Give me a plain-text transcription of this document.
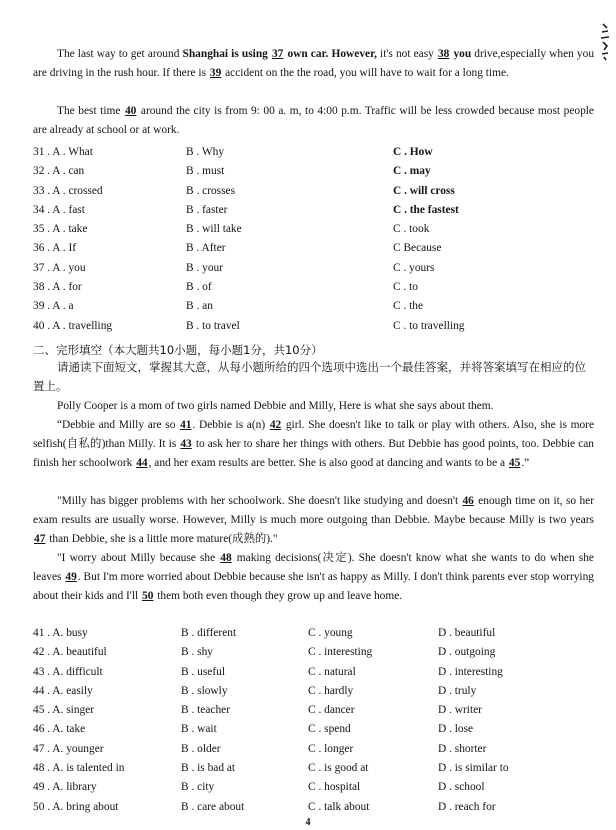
The last way to get around Shanghai is using 37 own car. However, it's not easy 38 you drive,especially when you are driving in the rush hour. If there is 39 accident on the the road, you will have to wait for a long time.

The best time 40 around the city is from 9: 00 a. m, to 4:00 p.m. Traffic will be less crowded because most people are already at school or at work.

31 . A . What	B . Why	C . How
32 . A . can	B . must	C . may
33 . A . crossed	B . crosses	C . will cross
34 . A . fast	B . faster	C . the fastest
35 . A . take	B . will take	C . took
36 . A . If	B . After	C Because
37 . A . you	B . your	C . yours
38 . A . for	B . of	C . to
39 . A . a	B . an	C . the
40 . A . travelling	B . to travel	C . to travelling

二、完形填空（本大题共10小题，每小题1分，共10分）

请通读下面短文，掌握其大意，从每小题所给的四个选项中选出一个最佳答案，并将答案填写在相应的位置上。

Polly Cooper is a mom of two girls named Debbie and Milly, Here is what she says about them.

“Debbie and Milly are so 41. Debbie is a(n) 42 girl. She doesn't like to talk or play with others. Also, she is more selfish(自私的)than Milly. It is 43 to ask her to share her things with others. But Debbie has good points, too. Debbie can finish her schoolwork 44, and her exam results are better. She is also good at dancing and wants to be a 45.”

"Milly has bigger problems with her schoolwork. She doesn't like studying and doesn't 46 enough time on it, so her exam results are usually worse. However, Milly is much more outgoing than Debbie. Maybe because Milly is two years 47 than Debbie, she is a little more mature(成熟的)."

"I worry about Milly because she 48 making decisions(决定). She doesn't know what she wants to do when she leaves 49. But I'm more worried about Debbie because she isn't as happy as Milly. I don't think parents ever stop worrying about their kids and I'll 50 them both even though they grow up and leave home.

41 . A. busy	B . different	C . young	D . beautiful
42 . A. beautiful	B . shy	C . interesting	D . outgoing
43 . A. difficult	B . useful	C . natural	D . interesting
44 . A. easily	B . slowly	C . hardly	D . truly
45 . A. singer	B . teacher	C . dancer	D . writer
46 . A. take	B . wait	C . spend	D . lose
47 . A. younger	B . older	C . longer	D . shorter
48 . A. is talented in	B . is bad at	C . is good at	D . is similar to
49 . A. library	B . city	C . hospital	D . school
50 . A. bring about	B . care about	C . talk about	D . reach for

4
